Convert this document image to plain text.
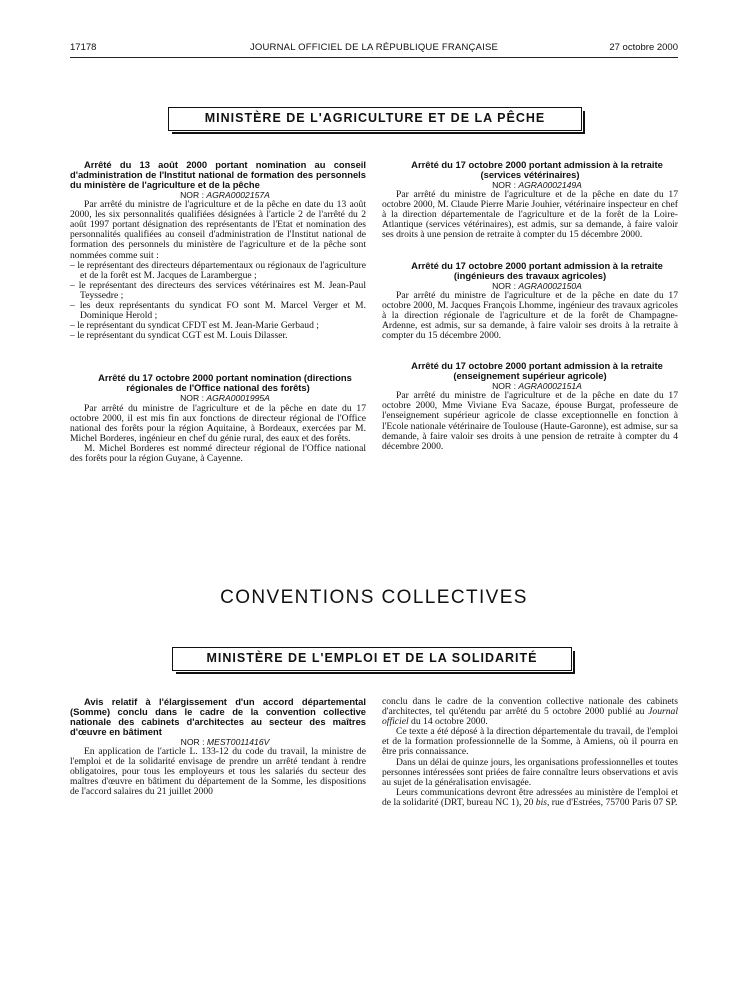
17178	JOURNAL OFFICIEL DE LA RÉPUBLIQUE FRANÇAISE	27 octobre 2000
MINISTÈRE DE L'AGRICULTURE ET DE LA PÊCHE

Arrêté du 13 août 2000 portant nomination au conseil d'administration de l'Institut national de formation des personnels du ministère de l'agriculture et de la pêche

NOR : AGRA0002157A

Par arrêté du ministre de l'agriculture et de la pêche en date du 13 août 2000, les six personnalités qualifiées désignées à l'article 2 de l'arrêté du 2 août 1997 portant désignation des représentants de l'Etat et nomination des personnalités qualifiées au conseil d'administration de l'Institut national de formation des personnels du ministère de l'agriculture et de la pêche sont nommées comme suit :

– le représentant des directeurs départementaux ou régionaux de l'agriculture et de la forêt est M. Jacques de Larambergue ;
– le représentant des directeurs des services vétérinaires est M. Jean-Paul Teyssedre ;
– les deux représentants du syndicat FO sont M. Marcel Verger et M. Dominique Herold ;
– le représentant du syndicat CFDT est M. Jean-Marie Gerbaud ;
– le représentant du syndicat CGT est M. Louis Dilasser.

Arrêté du 17 octobre 2000 portant nomination (directions régionales de l'Office national des forêts)

NOR : AGRA0001995A

Par arrêté du ministre de l'agriculture et de la pêche en date du 17 octobre 2000, il est mis fin aux fonctions de directeur régional de l'Office national des forêts pour la région Aquitaine, à Bordeaux, exercées par M. Michel Borderes, ingénieur en chef du génie rural, des eaux et des forêts.

M. Michel Borderes est nommé directeur régional de l'Office national des forêts pour la région Guyane, à Cayenne.

Arrêté du 17 octobre 2000 portant admission à la retraite (services vétérinaires)

NOR : AGRA0002149A

Par arrêté du ministre de l'agriculture et de la pêche en date du 17 octobre 2000, M. Claude Pierre Marie Jouhier, vétérinaire inspecteur en chef à la direction départementale de l'agriculture et de la forêt de la Loire-Atlantique (services vétérinaires), est admis, sur sa demande, à faire valoir ses droits à une pension de retraite à compter du 15 décembre 2000.

Arrêté du 17 octobre 2000 portant admission à la retraite (ingénieurs des travaux agricoles)

NOR : AGRA0002150A

Par arrêté du ministre de l'agriculture et de la pêche en date du 17 octobre 2000, M. Jacques François Lhomme, ingénieur des travaux agricoles à la direction régionale de l'agriculture et de la forêt de Champagne-Ardenne, est admis, sur sa demande, à faire valoir ses droits à la retraite à compter du 15 décembre 2000.

Arrêté du 17 octobre 2000 portant admission à la retraite (enseignement supérieur agricole)

NOR : AGRA0002151A

Par arrêté du ministre de l'agriculture et de la pêche en date du 17 octobre 2000, Mme Viviane Eva Sacaze, épouse Burgat, professeure de l'enseignement supérieur agricole de classe exceptionnelle en fonction à l'Ecole nationale vétérinaire de Toulouse (Haute-Garonne), est admise, sur sa demande, à faire valoir ses droits à une pension de retraite à compter du 4 décembre 2000.

CONVENTIONS COLLECTIVES
MINISTÈRE DE L'EMPLOI ET DE LA SOLIDARITÉ

Avis relatif à l'élargissement d'un accord départemental (Somme) conclu dans le cadre de la convention collective nationale des cabinets d'architectes au secteur des maîtres d'œuvre en bâtiment

NOR : MEST0011416V

En application de l'article L. 133-12 du code du travail, la ministre de l'emploi et de la solidarité envisage de prendre un arrêté tendant à rendre obligatoires, pour tous les employeurs et tous les salariés du secteur des maîtres d'œuvre en bâtiment du département de la Somme, les dispositions de l'accord salaires du 21 juillet 2000

conclu dans le cadre de la convention collective nationale des cabinets d'architectes, tel qu'étendu par arrêté du 5 octobre 2000 publié au Journal officiel du 14 octobre 2000.

Ce texte a été déposé à la direction départementale du travail, de l'emploi et de la formation professionnelle de la Somme, à Amiens, où il pourra en être pris connaissance.

Dans un délai de quinze jours, les organisations professionnelles et toutes personnes intéressées sont priées de faire connaître leurs observations et avis au sujet de la généralisation envisagée.

Leurs communications devront être adressées au ministère de l'emploi et de la solidarité (DRT, bureau NC 1), 20 bis, rue d'Estrées, 75700 Paris 07 SP.
